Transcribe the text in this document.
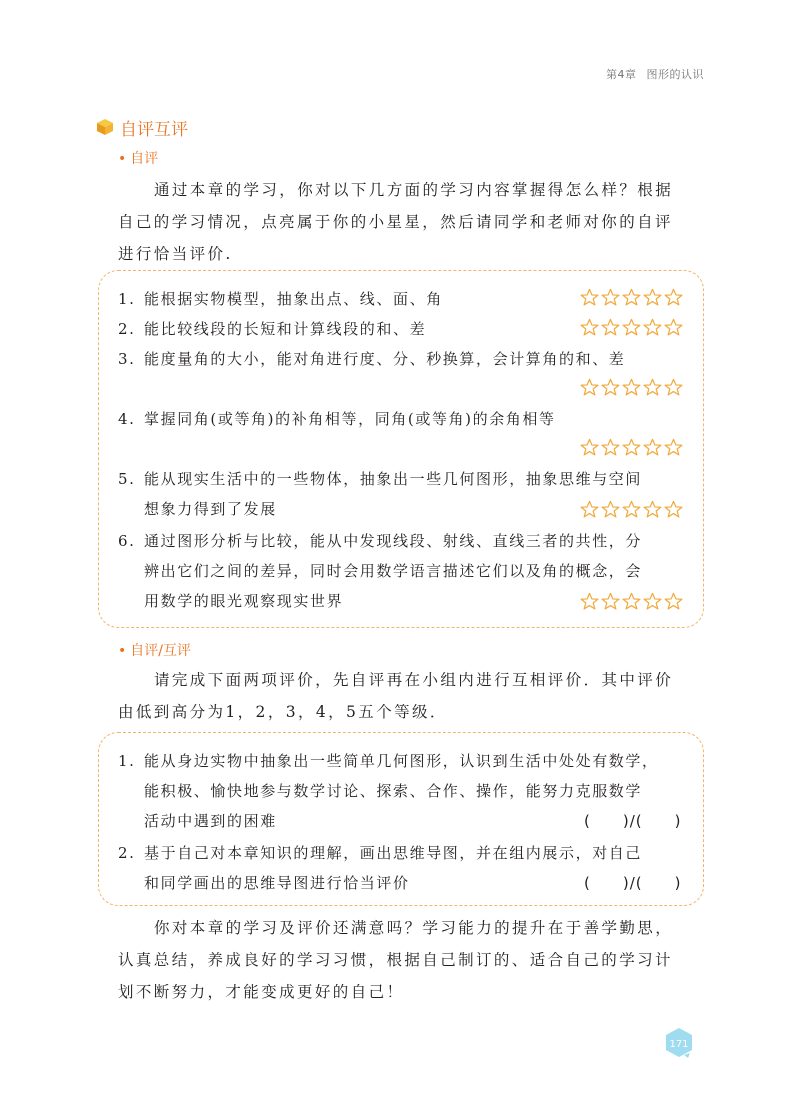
第4章 图形的认识
自评互评
• 自评
通过本章的学习，你对以下几方面的学习内容掌握得怎么样？根据
自己的学习情况，点亮属于你的小星星，然后请同学和老师对你的自评
进行恰当评价.
1. 能根据实物模型，抽象出点、线、面、角
2. 能比较线段的长短和计算线段的和、差
3. 能度量角的大小，能对角进行度、分、秒换算，会计算角的和、差
4. 掌握同角(或等角)的补角相等，同角(或等角)的余角相等
5. 能从现实生活中的一些物体，抽象出一些几何图形，抽象思维与空间
想象力得到了发展
6. 通过图形分析与比较，能从中发现线段、射线、直线三者的共性，分
辨出它们之间的差异，同时会用数学语言描述它们以及角的概念，会
用数学的眼光观察现实世界
• 自评/互评
请完成下面两项评价，先自评再在小组内进行互相评价．其中评价
由低到高分为1，2，3，4，5五个等级．
1. 能从身边实物中抽象出一些简单几何图形，认识到生活中处处有数学，
能积极、愉快地参与数学讨论、探索、合作、操作，能努力克服数学
活动中遇到的困难	(　　)/(　　)
2. 基于自己对本章知识的理解，画出思维导图，并在组内展示，对自己
和同学画出的思维导图进行恰当评价	(　　)/(　　)
你对本章的学习及评价还满意吗？学习能力的提升在于善学勤思，
认真总结，养成良好的学习习惯，根据自己制订的、适合自己的学习计
划不断努力，才能变成更好的自己！
171
